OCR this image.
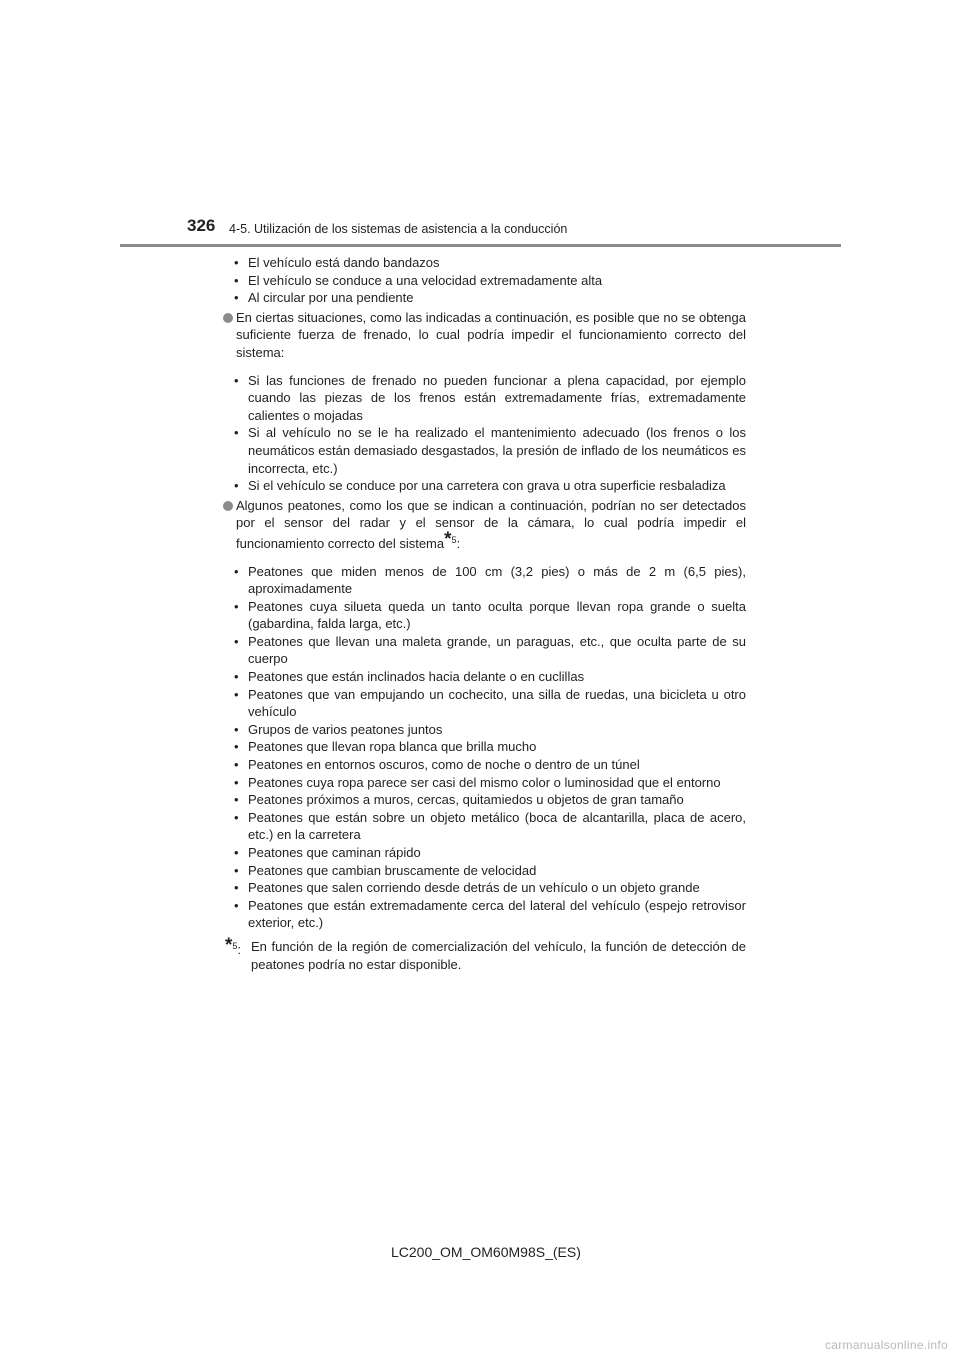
326 4-5. Utilización de los sistemas de asistencia a la conducción
• El vehículo está dando bandazos
• El vehículo se conduce a una velocidad extremadamente alta
• Al circular por una pendiente
En ciertas situaciones, como las indicadas a continuación, es posible que no se obtenga suficiente fuerza de frenado, lo cual podría impedir el funcionamiento correcto del sistema:
• Si las funciones de frenado no pueden funcionar a plena capacidad, por ejemplo cuando las piezas de los frenos están extremadamente frías, extremadamente calientes o mojadas
• Si al vehículo no se le ha realizado el mantenimiento adecuado (los frenos o los neumáticos están demasiado desgastados, la presión de inflado de los neumáticos es incorrecta, etc.)
• Si el vehículo se conduce por una carretera con grava u otra superficie resbaladiza
Algunos peatones, como los que se indican a continuación, podrían no ser detectados por el sensor del radar y el sensor de la cámara, lo cual podría impedir el funcionamiento correcto del sistema*$^5$:
• Peatones que miden menos de 100 cm (3,2 pies) o más de 2 m (6,5 pies), aproximadamente
• Peatones cuya silueta queda un tanto oculta porque llevan ropa grande o suelta (gabardina, falda larga, etc.)
• Peatones que llevan una maleta grande, un paraguas, etc., que oculta parte de su cuerpo
• Peatones que están inclinados hacia delante o en cuclillas
• Peatones que van empujando un cochecito, una silla de ruedas, una bicicleta u otro vehículo
• Grupos de varios peatones juntos
• Peatones que llevan ropa blanca que brilla mucho
• Peatones en entornos oscuros, como de noche o dentro de un túnel
• Peatones cuya ropa parece ser casi del mismo color o luminosidad que el entorno
• Peatones próximos a muros, cercas, quitamiedos u objetos de gran tamaño
• Peatones que están sobre un objeto metálico (boca de alcantarilla, placa de acero, etc.) en la carretera
• Peatones que caminan rápido
• Peatones que cambian bruscamente de velocidad
• Peatones que salen corriendo desde detrás de un vehículo o un objeto grande
• Peatones que están extremadamente cerca del lateral del vehículo (espejo retrovisor exterior, etc.)
*$^5$: En función de la región de comercialización del vehículo, la función de detección de peatones podría no estar disponible.
LC200_OM_OM60M98S_(ES)
carmanualsonline.info
